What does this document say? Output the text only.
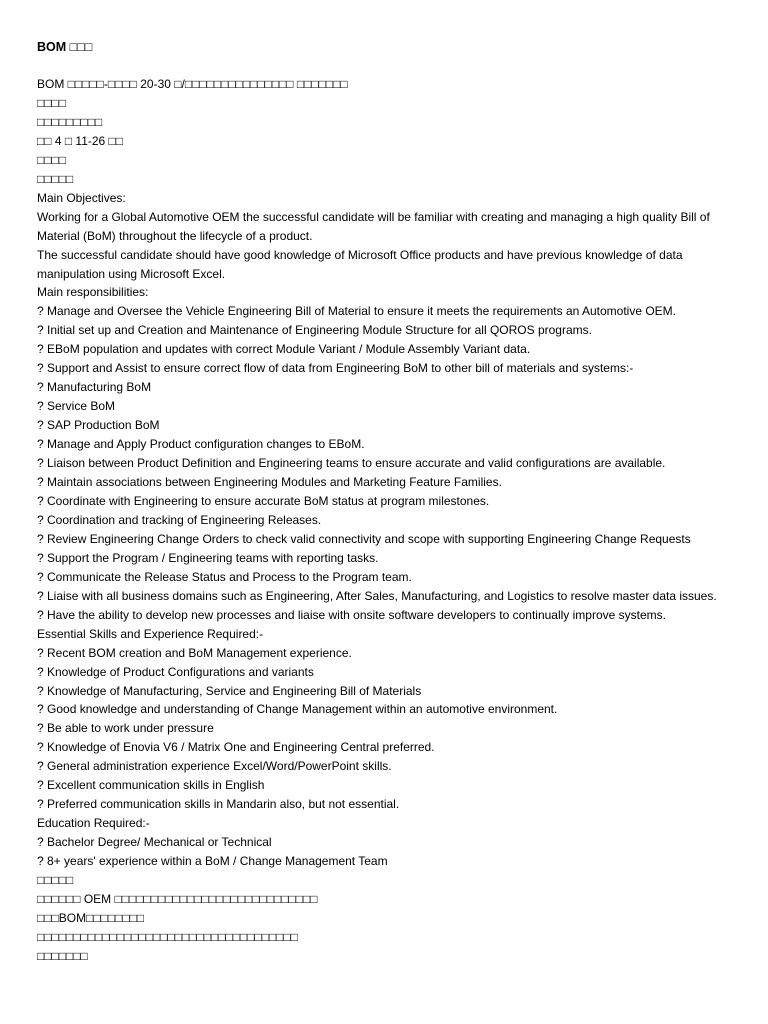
BOM □□□
BOM □□□□□-□□□□ 20-30 □/□□□□□□□□□□□□□□□ □□□□□□□
□□□□
□□□□□□□□□
□□ 4 □ 11-26 □□
□□□□
□□□□□
Main Objectives:
Working for a Global Automotive OEM the successful candidate will be familiar with creating and managing a high quality Bill of
Material (BoM) throughout the lifecycle of a product.
The successful candidate should have good knowledge of Microsoft Office products and have previous knowledge of data manipulation using Microsoft Excel.
Main responsibilities:
? Manage and Oversee the Vehicle Engineering Bill of Material to ensure it meets the requirements an Automotive OEM.
? Initial set up and Creation and Maintenance of Engineering Module Structure for all QOROS programs.
? EBoM population and updates with correct Module Variant / Module Assembly Variant data.
? Support and Assist to ensure correct flow of data from Engineering BoM to other bill of materials and systems:-
? Manufacturing BoM
? Service BoM
? SAP Production BoM
? Manage and Apply Product configuration changes to EBoM.
? Liaison between Product Definition and Engineering teams to ensure accurate and valid configurations are available.
? Maintain associations between Engineering Modules and Marketing Feature Families.
? Coordinate with Engineering to ensure accurate BoM status at program milestones.
? Coordination and tracking of Engineering Releases.
? Review Engineering Change Orders to check valid connectivity and scope with supporting Engineering Change Requests
? Support the Program / Engineering teams with reporting tasks.
? Communicate the Release Status and Process to the Program team.
? Liaise with all business domains such as Engineering, After Sales, Manufacturing, and Logistics to resolve master data issues.
? Have the ability to develop new processes and liaise with onsite software developers to continually improve systems.
Essential Skills and Experience Required:-
? Recent BOM creation and BoM Management experience.
? Knowledge of Product Configurations and variants
? Knowledge of Manufacturing, Service and Engineering Bill of Materials
? Good knowledge and understanding of Change Management within an automotive environment.
? Be able to work under pressure
? Knowledge of Enovia V6 / Matrix One and Engineering Central preferred.
? General administration experience Excel/Word/PowerPoint skills.
? Excellent communication skills in English
? Preferred communication skills in Mandarin also, but not essential.
Education Required:-
? Bachelor Degree/ Mechanical or Technical
? 8+ years' experience within a BoM / Change Management Team
□□□□□
□□□□□□ OEM □□□□□□□□□□□□□□□□□□□□□□□□□□□□
□□□BOM□□□□□□□□
□□□□□□□□□□□□□□□□□□□□□□□□□□□□□□□□□□□□
□□□□□□□
